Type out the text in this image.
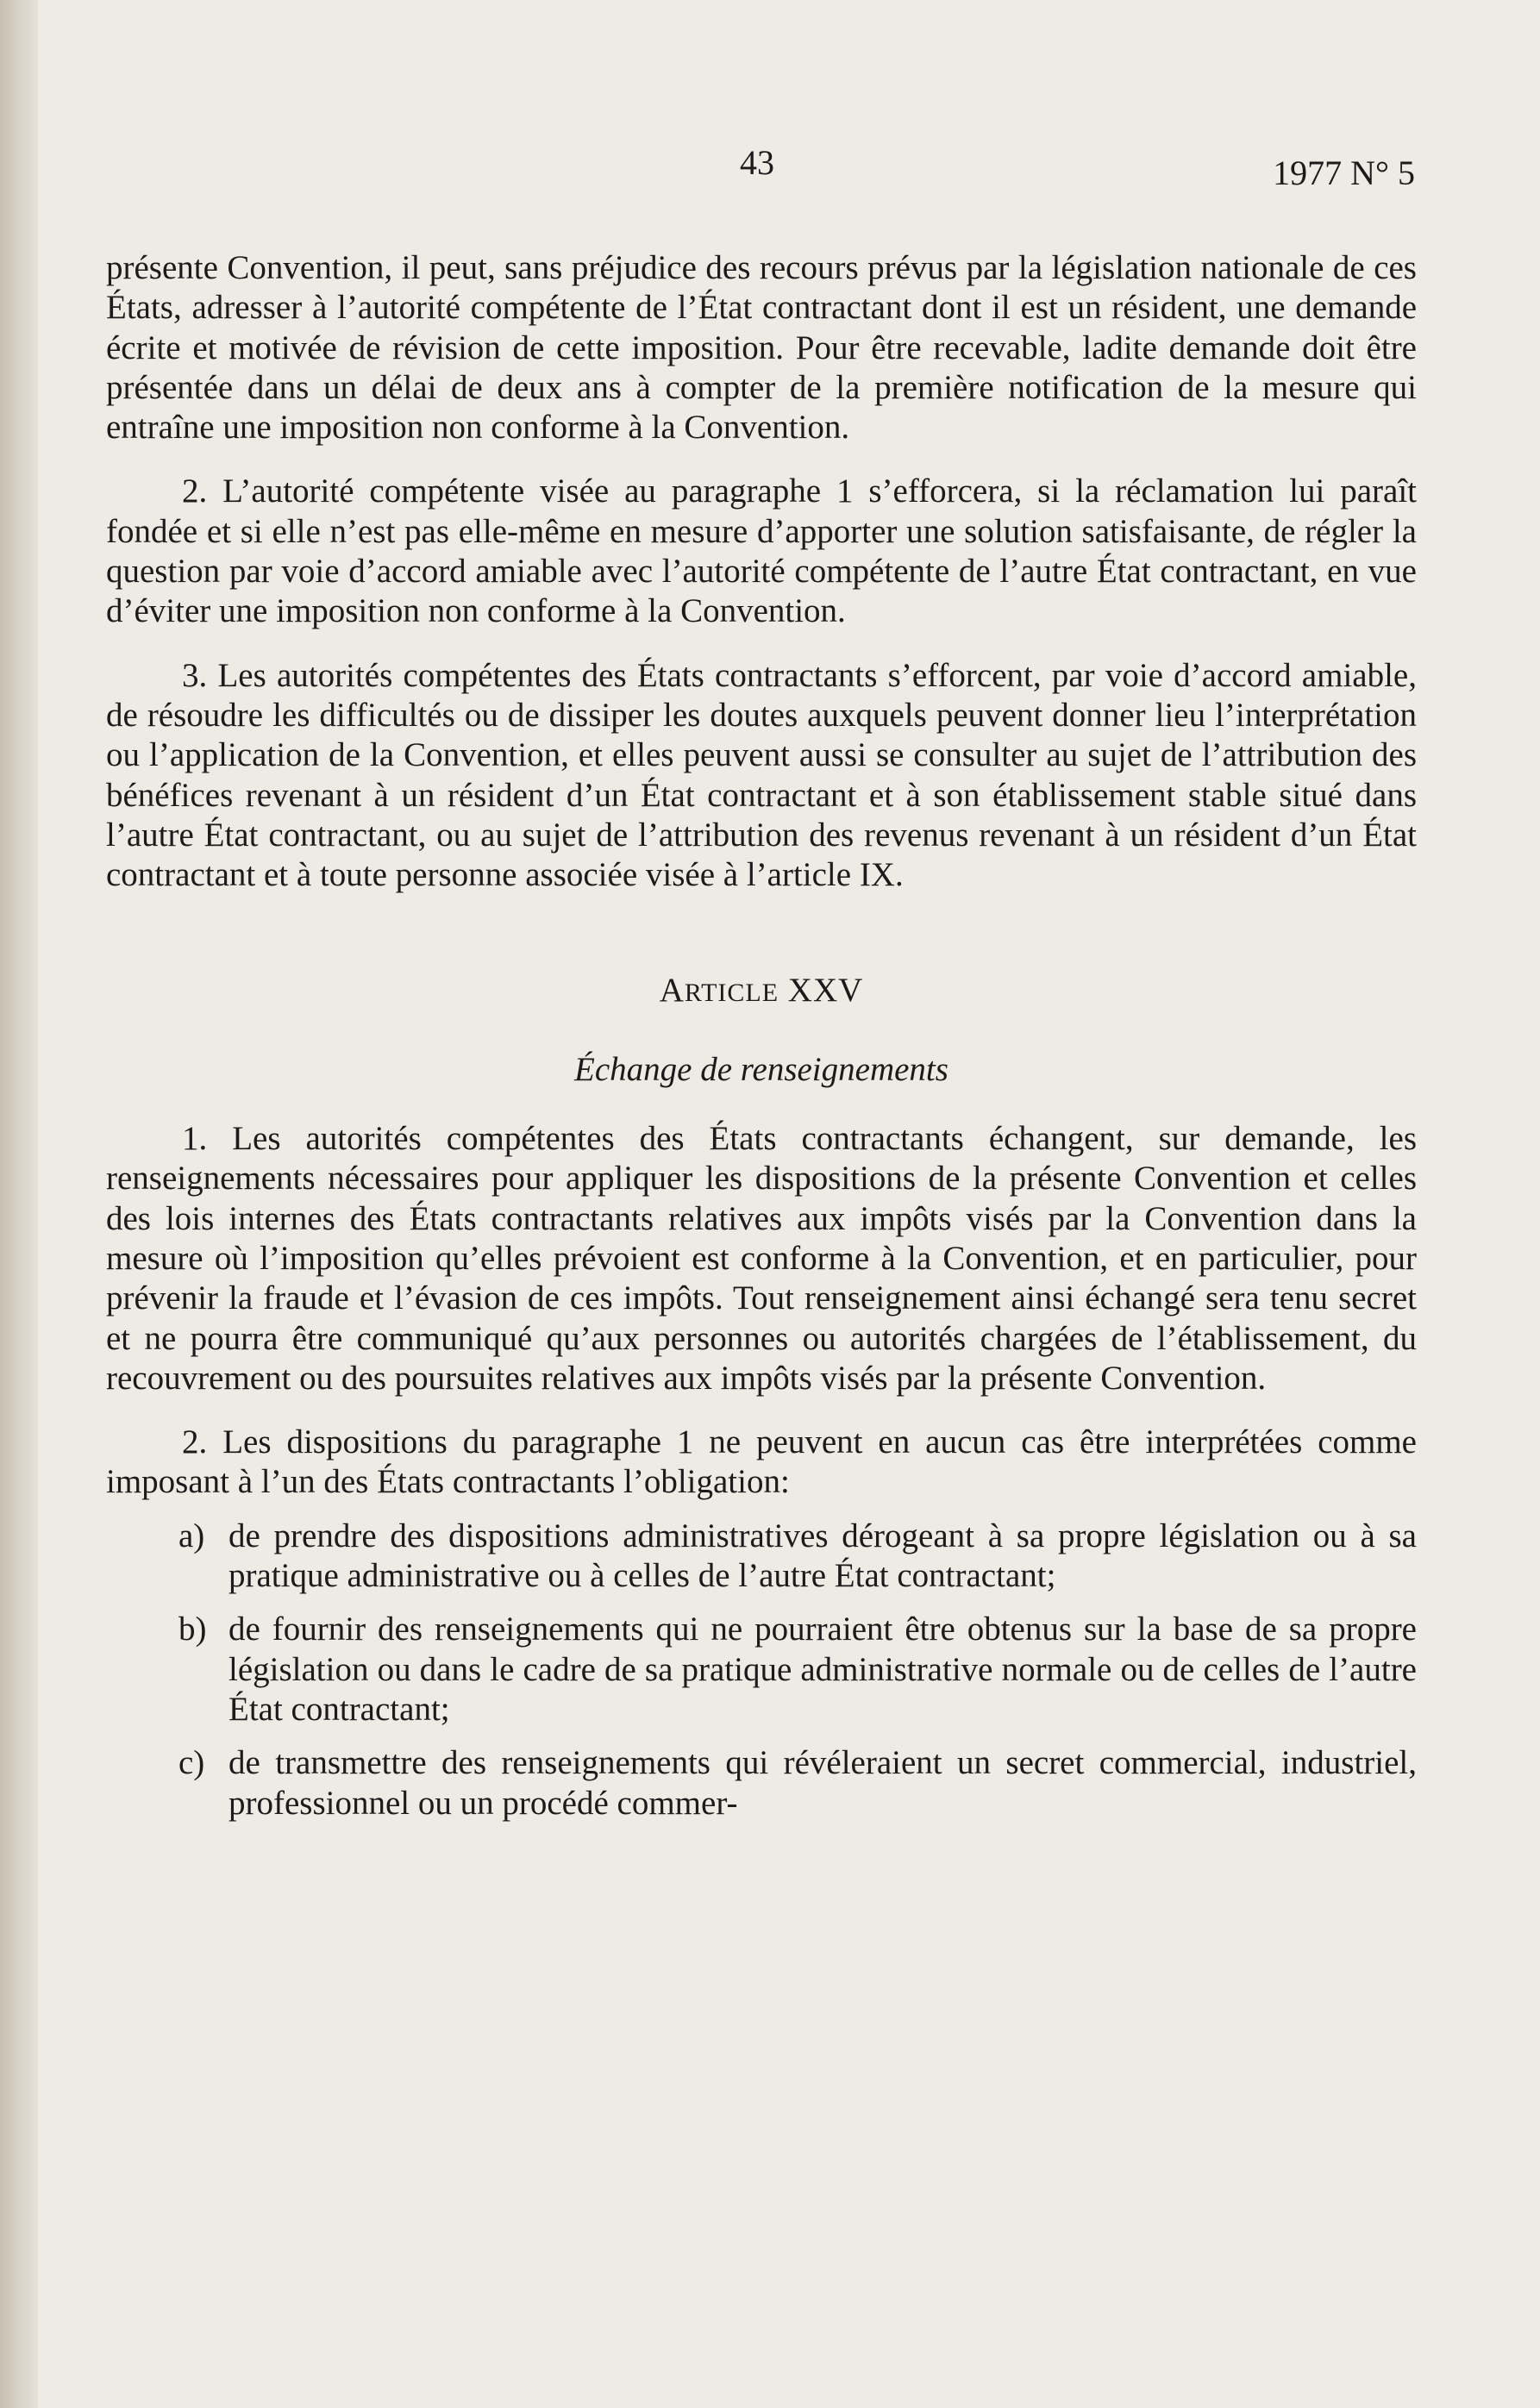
43	1977 N° 5

présente Convention, il peut, sans préjudice des recours prévus par la législation nationale de ces États, adresser à l’autorité compétente de l’État contractant dont il est un résident, une demande écrite et motivée de révision de cette imposition. Pour être recevable, ladite demande doit être présentée dans un délai de deux ans à compter de la première notification de la mesure qui entraîne une imposition non conforme à la Convention.

2. L’autorité compétente visée au paragraphe 1 s’efforcera, si la réclamation lui paraît fondée et si elle n’est pas elle-même en mesure d’apporter une solution satisfaisante, de régler la question par voie d’accord amiable avec l’autorité compétente de l’autre État contractant, en vue d’éviter une imposition non conforme à la Convention.

3. Les autorités compétentes des États contractants s’efforcent, par voie d’accord amiable, de résoudre les difficultés ou de dissiper les doutes auxquels peuvent donner lieu l’interprétation ou l’application de la Convention, et elles peuvent aussi se consulter au sujet de l’attribution des bénéfices revenant à un résident d’un État contractant et à son établissement stable situé dans l’autre État contractant, ou au sujet de l’attribution des revenus revenant à un résident d’un État contractant et à toute personne associée visée à l’article IX.

ARTICLE XXV

Échange de renseignements

1. Les autorités compétentes des États contractants échangent, sur demande, les renseignements nécessaires pour appliquer les dispositions de la présente Convention et celles des lois internes des États contractants relatives aux impôts visés par la Convention dans la mesure où l’imposition qu’elles prévoient est conforme à la Convention, et en particulier, pour prévenir la fraude et l’évasion de ces impôts. Tout renseignement ainsi échangé sera tenu secret et ne pourra être communiqué qu’aux personnes ou autorités chargées de l’établissement, du recouvrement ou des poursuites relatives aux impôts visés par la présente Convention.

2. Les dispositions du paragraphe 1 ne peuvent en aucun cas être interprétées comme imposant à l’un des États contractants l’obligation:

a) de prendre des dispositions administratives dérogeant à sa propre législation ou à sa pratique administrative ou à celles de l’autre État contractant;

b) de fournir des renseignements qui ne pourraient être obtenus sur la base de sa propre législation ou dans le cadre de sa pratique administrative normale ou de celles de l’autre État contractant;

c) de transmettre des renseignements qui révéleraient un secret commercial, industriel, professionnel ou un procédé commer-
